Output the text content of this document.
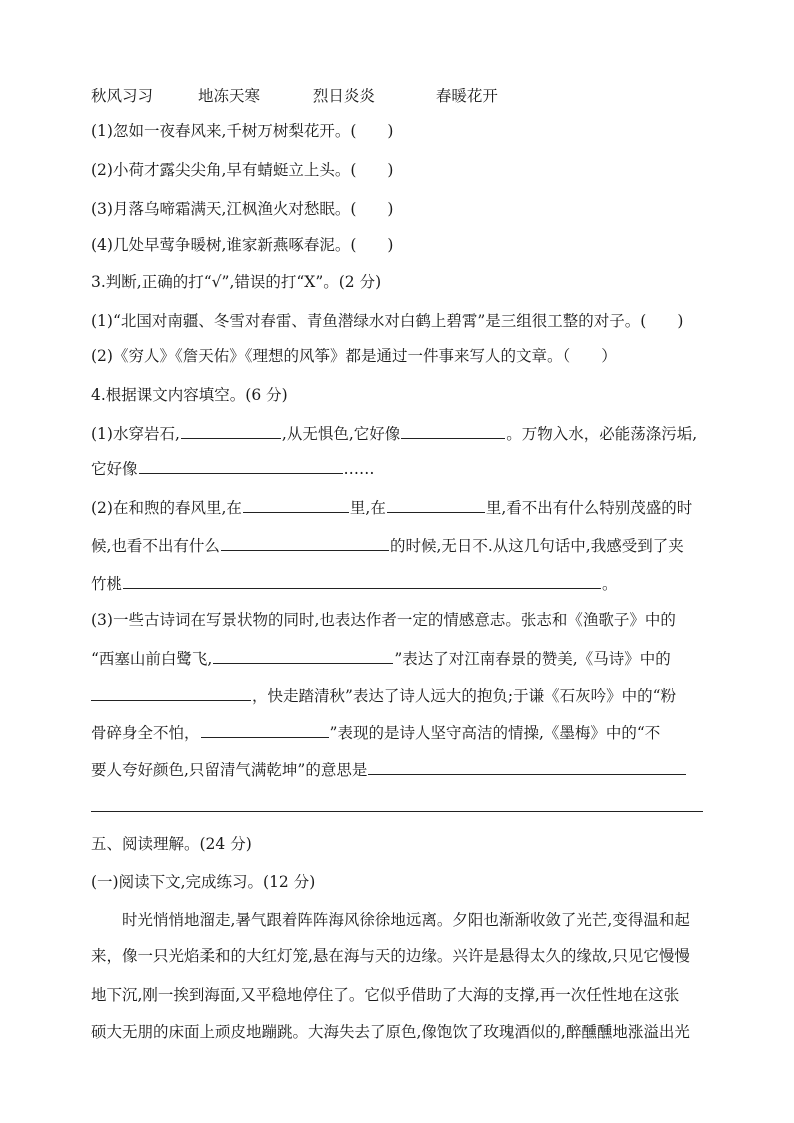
秋风习习	地冻天寒	烈日炎炎	春暖花开
(1)忽如一夜春风来,千树万树梨花开。(　　)
(2)小荷才露尖尖角,早有蜻蜓立上头。(　　)
(3)月落乌啼霜满天,江枫渔火对愁眠。(　　)
(4)几处早莺争暖树,谁家新燕啄春泥。(　　)
3.判断,正确的打“√”,错误的打“X”。(2 分)
(1)“北国对南疆、冬雪对春雷、青鱼潜绿水对白鹤上碧霄”是三组很工整的对子。(　　)
(2)《穷人》《詹天佑》《理想的风筝》都是通过一件事来写人的文章。（　　）
4.根据课文内容填空。(6 分)
(1)水穿岩石,	,从无惧色,它好像	。万物入水，必能荡涤污垢,
它好像	……
(2)在和煦的春风里,在	里,在	里,看不出有什么特别茂盛的时
候,也看不出有什么	的时候,无日不.从这几句话中,我感受到了夹
竹桃	。
(3)一些古诗词在写景状物的同时,也表达作者一定的情感意志。张志和《渔歌子》中的
“西塞山前白鹭飞,	”表达了对江南春景的赞美,《马诗》中的
，快走踏清秋”表达了诗人远大的抱负;于谦《石灰吟》中的“粉
骨碎身全不怕，	”表现的是诗人坚守高洁的情操,《墨梅》中的“不
要人夸好颜色,只留清气满乾坤”的意思是
五、阅读理解。(24 分)
(一)阅读下文,完成练习。(12 分)
　　时光悄悄地溜走,暑气跟着阵阵海风徐徐地远离。夕阳也渐渐收敛了光芒,变得温和起
来，像一只光焰柔和的大红灯笼,悬在海与天的边缘。兴许是悬得太久的缘故,只见它慢慢
地下沉,刚一挨到海面,又平稳地停住了。它似乎借助了大海的支撑,再一次任性地在这张
硕大无朋的床面上顽皮地蹦跳。大海失去了原色,像饱饮了玫瑰酒似的,醉醺醺地涨溢出光
